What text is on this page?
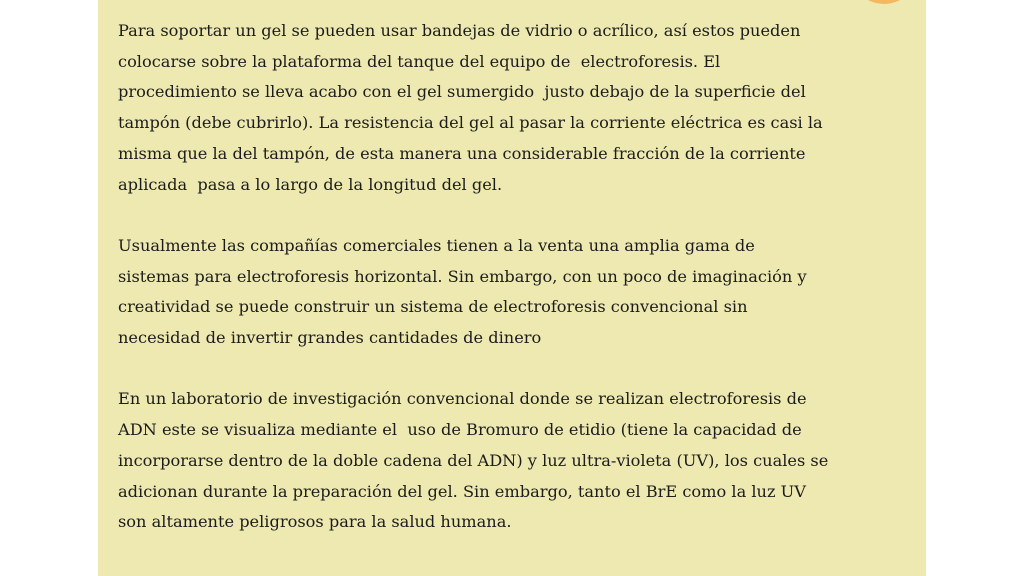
Para soportar un gel se pueden usar bandejas de vidrio o acrílico, así estos pueden
colocarse sobre la plataforma del tanque del equipo de  electroforesis. El
procedimiento se lleva acabo con el gel sumergido  justo debajo de la superficie del
tampón (debe cubrirlo). La resistencia del gel al pasar la corriente eléctrica es casi la
misma que la del tampón, de esta manera una considerable fracción de la corriente
aplicada  pasa a lo largo de la longitud del gel.

Usualmente las compañías comerciales tienen a la venta una amplia gama de
sistemas para electroforesis horizontal. Sin embargo, con un poco de imaginación y
creatividad se puede construir un sistema de electroforesis convencional sin
necesidad de invertir grandes cantidades de dinero

En un laboratorio de investigación convencional donde se realizan electroforesis de
ADN este se visualiza mediante el  uso de Bromuro de etidio (tiene la capacidad de
incorporarse dentro de la doble cadena del ADN) y luz ultra-violeta (UV), los cuales se
adicionan durante la preparación del gel. Sin embargo, tanto el BrE como la luz UV
son altamente peligrosos para la salud humana.
